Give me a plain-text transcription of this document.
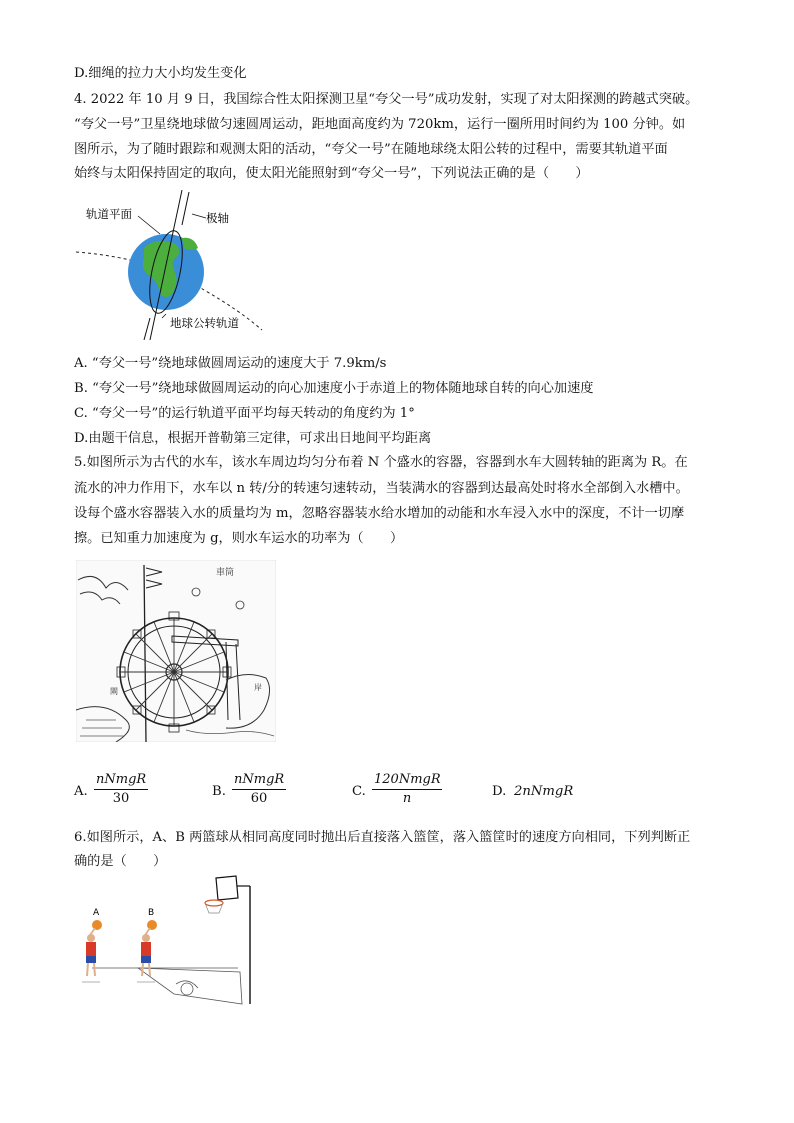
D.细绳的拉力大小均发生变化
4. 2022 年 10 月 9 日，我国综合性太阳探测卫星“夸父一号”成功发射，实现了对太阳探测的跨越式突破。
“夸父一号”卫星绕地球做匀速圆周运动，距地面高度约为 720km，运行一圈所用时间约为 100 分钟。如
图所示，为了随时跟踪和观测太阳的活动，“夸父一号”在随地球绕太阳公转的过程中，需要其轨道平面
始终与太阳保持固定的取向，使太阳光能照射到“夸父一号”，下列说法正确的是（　　）
轨道平面	极轴
地球公转轨道
A. “夸父一号”绕地球做圆周运动的速度大于 7.9km/s
B. “夸父一号”绕地球做圆周运动的向心加速度小于赤道上的物体随地球自转的向心加速度
C. “夸父一号”的运行轨道平面平均每天转动的角度约为 1°
D.由题干信息，根据开普勒第三定律，可求出日地间平均距离
5.如图所示为古代的水车，该水车周边均匀分布着 N 个盛水的容器，容器到水车大圆转轴的距离为 R。在
流水的冲力作用下，水车以 n 转/分的转速匀速转动，当装满水的容器到达最高处时将水全部倒入水槽中。
设每个盛水容器装入水的质量均为 m，忽略容器装水给水增加的动能和水车浸入水中的深度，不计一切摩
擦。已知重力加速度为 g，则水车运水的功率为（　　）
車筒
閘	岸
A.
nNmgR
30	B.
nNmgR
60	C.
120NmgR
n	D. 2nNmgR
6.如图所示，A、B 两篮球从相同高度同时抛出后直接落入篮筐，落入篮筐时的速度方向相同，下列判断正
确的是（　　）
A	B
